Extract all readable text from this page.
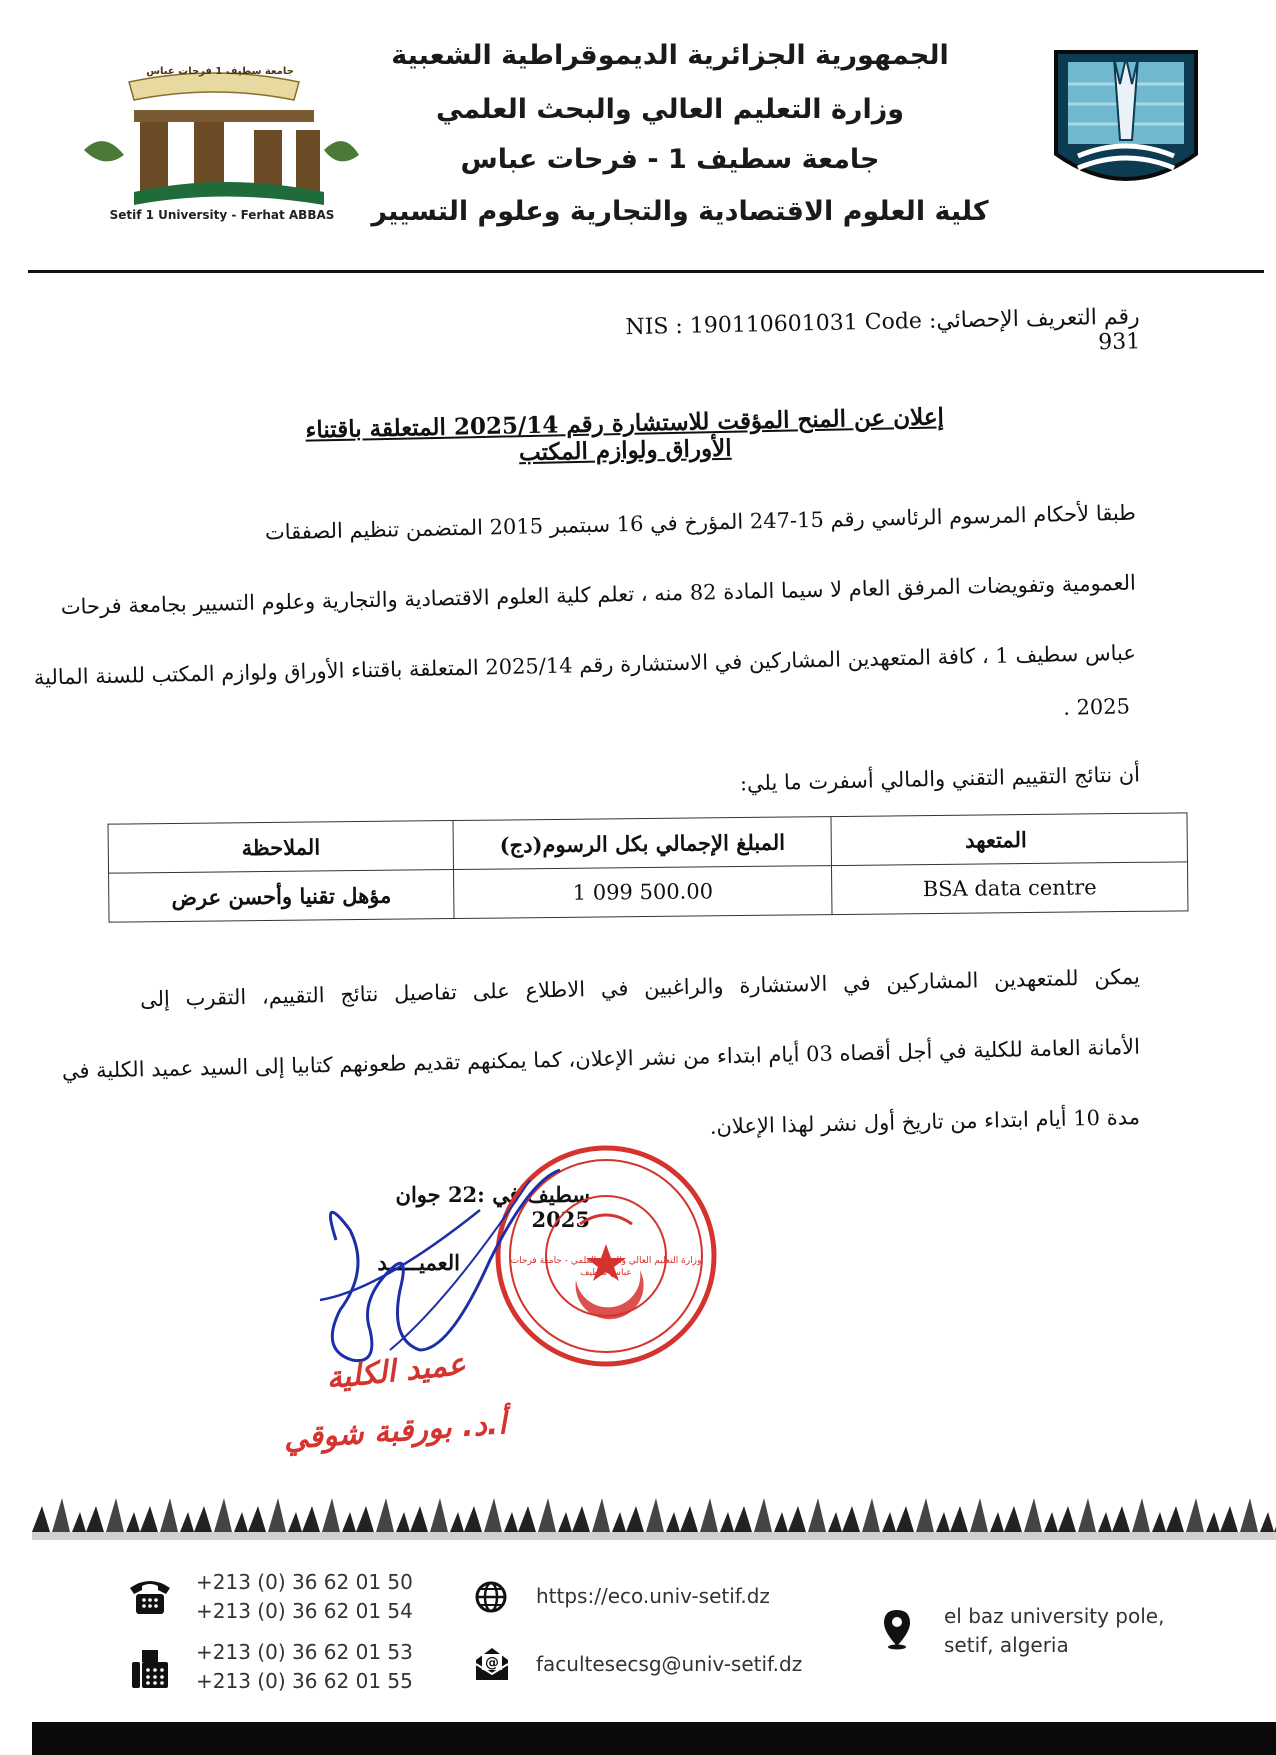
جامعة سطيف 1 فرحات عباس
Setif 1 University - Ferhat ABBAS
الجمهورية الجزائرية الديموقراطية الشعبية
وزارة التعليم العالي والبحث العلمي
جامعة سطيف 1 - فرحات عباس
كلية العلوم الاقتصادية والتجارية وعلوم التسيير
رقم التعريف الإحصائي: NIS : 190110601031 Code 931
إعلان عن المنح المؤقت للاستشارة رقم 2025/14 المتعلقة باقتناء الأوراق ولوازم المكتب
طبقا لأحكام المرسوم الرئاسي رقم 15-247 المؤرخ في 16 سبتمبر 2015 المتضمن تنظيم الصفقات
العمومية وتفويضات المرفق العام لا سيما المادة 82 منه ، تعلم كلية العلوم الاقتصادية والتجارية وعلوم التسيير بجامعة فرحات
عباس سطيف 1 ، كافة المتعهدين المشاركين في الاستشارة رقم 2025/14 المتعلقة باقتناء الأوراق ولوازم المكتب للسنة المالية
2025 .
أن نتائج التقييم التقني والمالي أسفرت ما يلي:
المتعهد	المبلغ الإجمالي بكل الرسوم(دج)	الملاحظة
BSA data centre	1 099 500.00	مؤهل تقنيا وأحسن عرض
يمكن للمتعهدين المشاركين في الاستشارة والراغبين في الاطلاع على تفاصيل نتائج التقييم، التقرب إلى
الأمانة العامة للكلية في أجل أقصاه 03 أيام ابتداء من نشر الإعلان، كما يمكنهم تقديم طعونهم كتابيا إلى السيد عميد الكلية في
مدة 10 أيام ابتداء من تاريخ أول نشر لهذا الإعلان.
سطيف في :22 جوان 2025
العميـــــد	وزارة التعليم العالي والبحث العلمي - جامعة فرحات عباس سطيف
عميد الكلية
أ.د. بورقبة شوقي
+213 (0) 36 62 01 50
+213 (0) 36 62 01 54
+213 (0) 36 62 01 53
+213 (0) 36 62 01 55
https://eco.univ-setif.dz
@ facultesecsg@univ-setif.dz
el baz university pole,
setif, algeria
